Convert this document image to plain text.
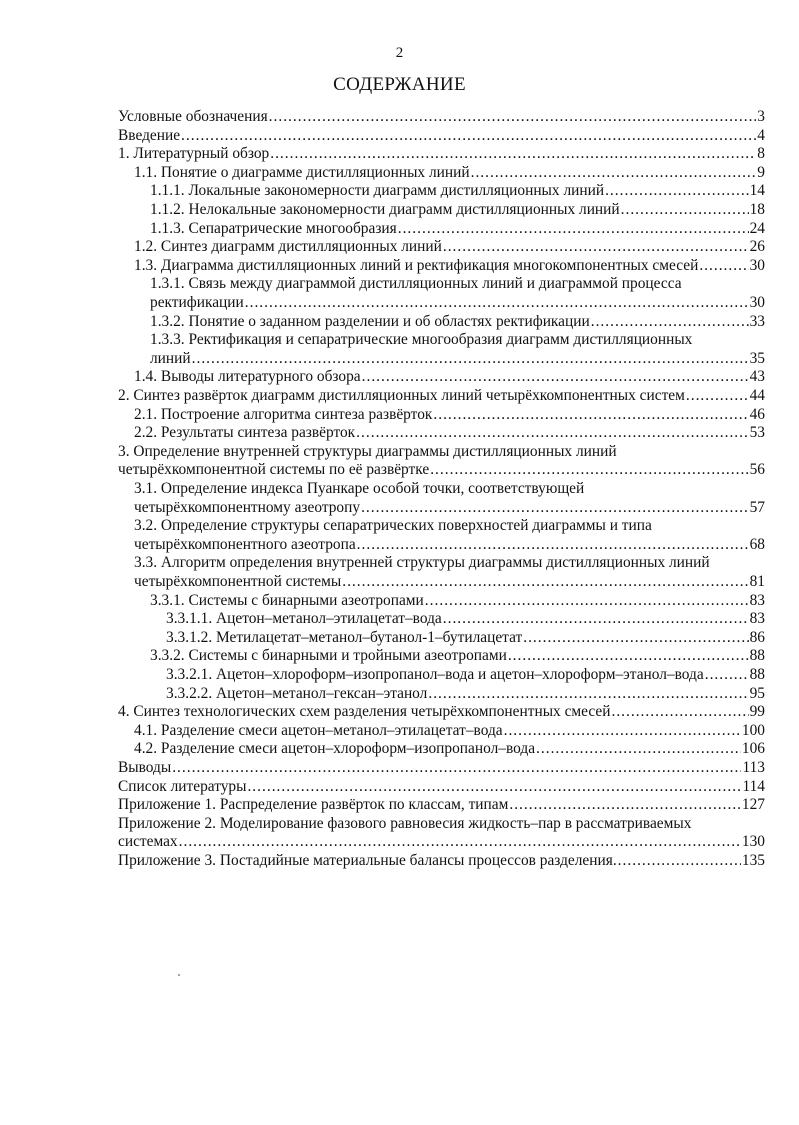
2
СОДЕРЖАНИЕ
Условные обозначения .....	3
Введение .....	4
1. Литературный обзор .....	8
1.1. Понятие о диаграмме дистилляционных линий .....	9
1.1.1. Локальные закономерности диаграмм дистилляционных линий .....	14
1.1.2. Нелокальные закономерности диаграмм дистилляционных линий .....	18
1.1.3. Сепаратрические многообразия .....	24
1.2. Синтез диаграмм дистилляционных линий .....	26
1.3. Диаграмма дистилляционных линий и ректификация многокомпонентных смесей .....	30
1.3.1. Связь между диаграммой дистилляционных линий и диаграммой процесса
ректификации .....	30
1.3.2. Понятие о заданном разделении и об областях ректификации .....	33
1.3.3. Ректификация и сепаратрические многообразия диаграмм дистилляционных
линий .....	35
1.4. Выводы литературного обзора .....	43
2. Синтез развёрток диаграмм дистилляционных линий четырёхкомпонентных систем .....	44
2.1. Построение алгоритма синтеза развёрток .....	46
2.2. Результаты синтеза развёрток .....	53
3. Определение внутренней структуры диаграммы дистилляционных линий
четырёхкомпонентной системы по её развёртке .....	56
3.1. Определение индекса Пуанкаре особой точки, соответствующей
четырёхкомпонентному азеотропу .....	57
3.2. Определение структуры сепаратрических поверхностей диаграммы и типа
четырёхкомпонентного азеотропа .....	68
3.3. Алгоритм определения внутренней структуры диаграммы дистилляционных линий
четырёхкомпонентной системы .....	81
3.3.1. Системы с бинарными азеотропами .....	83
3.3.1.1. Ацетон–метанол–этилацетат–вода .....	83
3.3.1.2. Метилацетат–метанол–бутанол-1–бутилацетат .....	86
3.3.2. Системы с бинарными и тройными азеотропами .....	88
3.3.2.1. Ацетон–хлороформ–изопропанол–вода и ацетон–хлороформ–этанол–вода .....	88
3.3.2.2. Ацетон–метанол–гексан–этанол .....	95
4. Синтез технологических схем разделения четырёхкомпонентных смесей .....	99
4.1. Разделение смеси ацетон–метанол–этилацетат–вода .....	100
4.2. Разделение смеси ацетон–хлороформ–изопропанол–вода .....	106
Выводы .....	113
Список литературы .....	114
Приложение 1. Распределение развёрток по классам, типам .....	127
Приложение 2. Моделирование фазового равновесия жидкость–пар в рассматриваемых
системах .....	130
Приложение 3. Постадийные материальные балансы процессов разделения. .....	135
